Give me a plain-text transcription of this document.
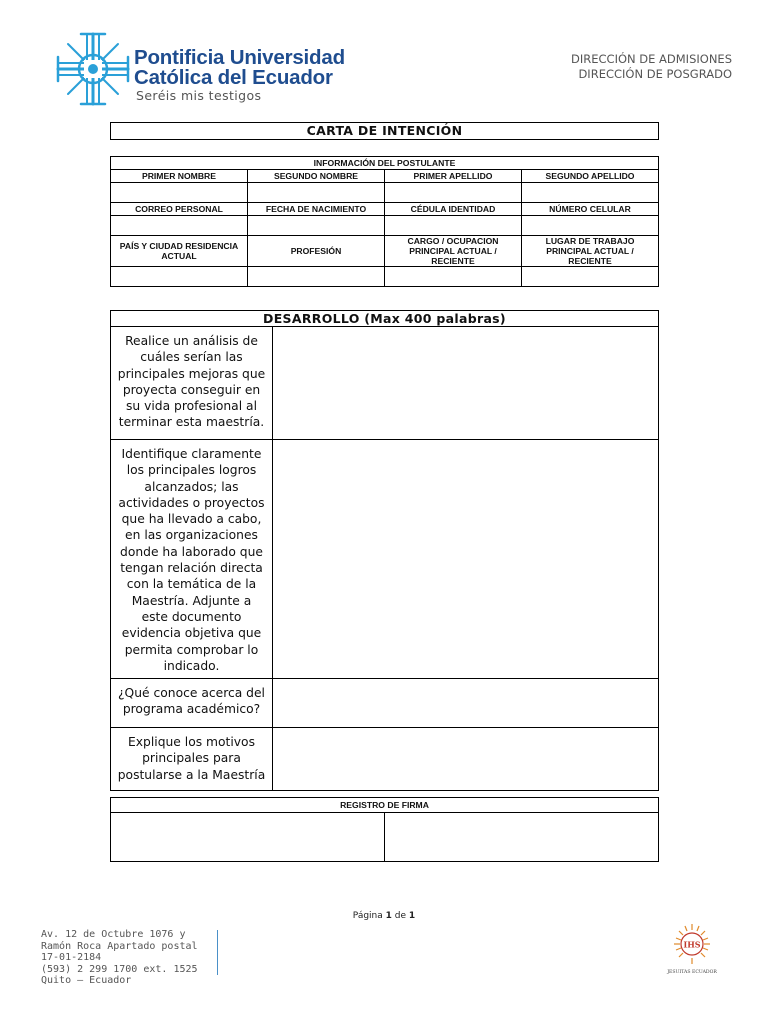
Pontificia Universidad
Católica del Ecuador
Seréis mis testigos
DIRECCIÓN DE ADMISIONES
DIRECCIÓN DE POSGRADO
CARTA DE INTENCIÓN
INFORMACIÓN DEL POSTULANTE			
PRIMER NOMBRE	SEGUNDO NOMBRE	PRIMER APELLIDO	SEGUNDO APELLIDO

CORREO PERSONAL	FECHA DE NACIMIENTO	CÉDULA IDENTIDAD	NÚMERO CELULAR

PAÍS Y CIUDAD RESIDENCIA ACTUAL	PROFESIÓN	CARGO / OCUPACION PRINCIPAL ACTUAL / RECIENTE	LUGAR DE TRABAJO PRINCIPAL ACTUAL / RECIENTE

DESARROLLO (Max 400 palabras)	
Realice un análisis de cuáles serían las principales mejoras que proyecta conseguir en su vida profesional al terminar esta maestría.	
Identifique claramente los principales logros alcanzados; las actividades o proyectos que ha llevado a cabo, en las organizaciones donde ha laborado que tengan relación directa con la temática de la Maestría. Adjunte a este documento evidencia objetiva que permita comprobar lo indicado.	
¿Qué conoce acerca del programa académico?	
Explique los motivos principales para postularse a la Maestría	
REGISTRO DE FIRMA

Página 1 de 1
Av. 12 de Octubre 1076 y
Ramón Roca Apartado postal
17-01-2184
(593) 2 299 1700 ext. 1525
Quito – Ecuador
IHS
JESUITAS ECUADOR
